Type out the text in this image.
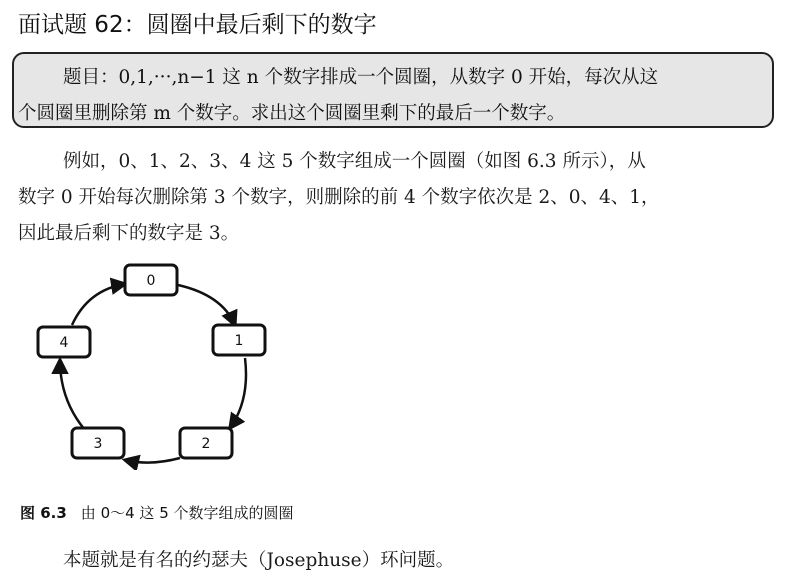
面试题 62：圆圈中最后剩下的数字
题目：0,1,···,n−1 这 n 个数字排成一个圆圈，从数字 0 开始，每次从这
个圆圈里删除第 m 个数字。求出这个圆圈里剩下的最后一个数字。
例如，0、1、2、3、4 这 5 个数字组成一个圆圈（如图 6.3 所示），从
数字 0 开始每次删除第 3 个数字，则删除的前 4 个数字依次是 2、0、4、1，
因此最后剩下的数字是 3。
0
1
2
3
4
图 6.3 由 0～4 这 5 个数字组成的圆圈
本题就是有名的约瑟夫（Josephuse）环问题。
